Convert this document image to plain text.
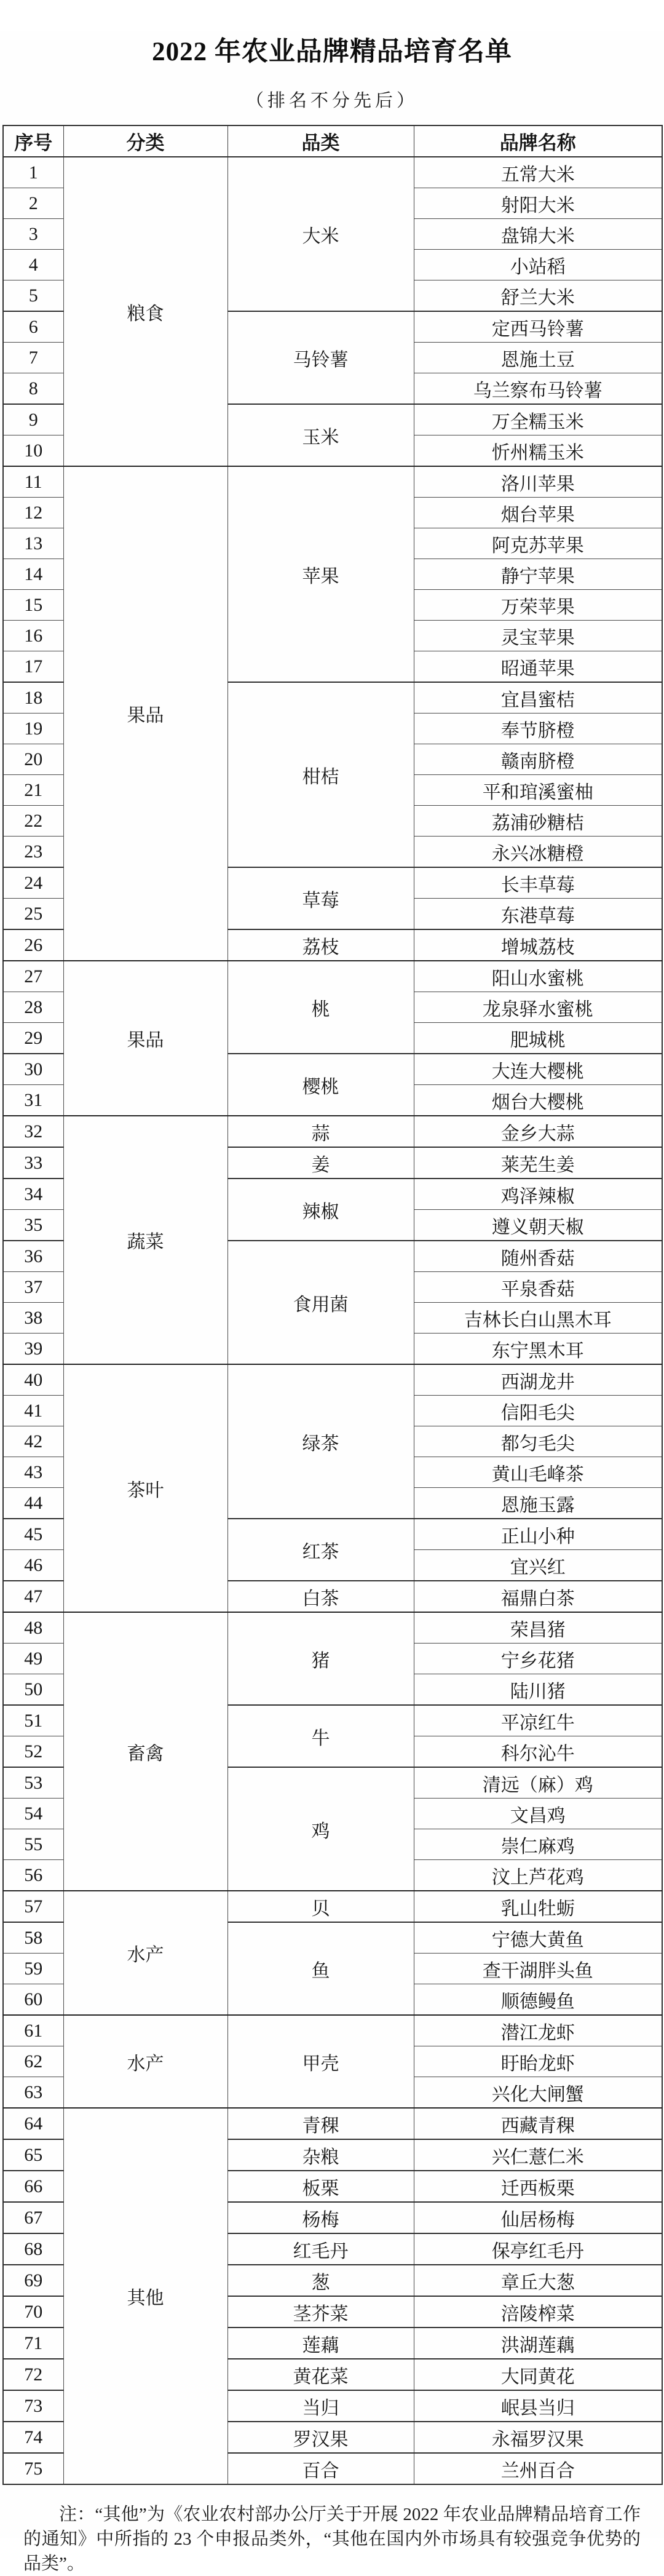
2022 年农业品牌精品培育名单
（排名不分先后）
序号	分类	品类	品牌名称
1	粮食	大米	五常大米
2			射阳大米
3			盘锦大米
4			小站稻
5			舒兰大米
6		马铃薯	定西马铃薯
7			恩施土豆
8			乌兰察布马铃薯
9		玉米	万全糯玉米
10			忻州糯玉米
11	果品	苹果	洛川苹果
12			烟台苹果
13			阿克苏苹果
14			静宁苹果
15			万荣苹果
16			灵宝苹果
17			昭通苹果
18		柑桔	宜昌蜜桔
19			奉节脐橙
20			赣南脐橙
21			平和琯溪蜜柚
22			荔浦砂糖桔
23			永兴冰糖橙
24		草莓	长丰草莓
25			东港草莓
26		荔枝	增城荔枝
27	果品	桃	阳山水蜜桃
28			龙泉驿水蜜桃
29			肥城桃
30		樱桃	大连大樱桃
31			烟台大樱桃
32	蔬菜	蒜	金乡大蒜
33		姜	莱芜生姜
34		辣椒	鸡泽辣椒
35			遵义朝天椒
36		食用菌	随州香菇
37			平泉香菇
38			吉林长白山黑木耳
39			东宁黑木耳
40	茶叶	绿茶	西湖龙井
41			信阳毛尖
42			都匀毛尖
43			黄山毛峰茶
44			恩施玉露
45		红茶	正山小种
46			宜兴红
47		白茶	福鼎白茶
48	畜禽	猪	荣昌猪
49			宁乡花猪
50			陆川猪
51		牛	平凉红牛
52			科尔沁牛
53		鸡	清远（麻）鸡
54			文昌鸡
55			崇仁麻鸡
56			汶上芦花鸡
57	水产	贝	乳山牡蛎
58		鱼	宁德大黄鱼
59			查干湖胖头鱼
60			顺德鳗鱼
61	水产	甲壳	潜江龙虾
62			盱眙龙虾
63			兴化大闸蟹
64	其他	青稞	西藏青稞
65		杂粮	兴仁薏仁米
66		板栗	迁西板栗
67		杨梅	仙居杨梅
68		红毛丹	保亭红毛丹
69		葱	章丘大葱
70		茎芥菜	涪陵榨菜
71		莲藕	洪湖莲藕
72		黄花菜	大同黄花
73		当归	岷县当归
74		罗汉果	永福罗汉果
75		百合	兰州百合

注：“其他”为《农业农村部办公厅关于开展 2022 年农业品牌精品培育工作的通知》中所指的 23 个申报品类外，“其他在国内外市场具有较强竞争优势的品类”。
